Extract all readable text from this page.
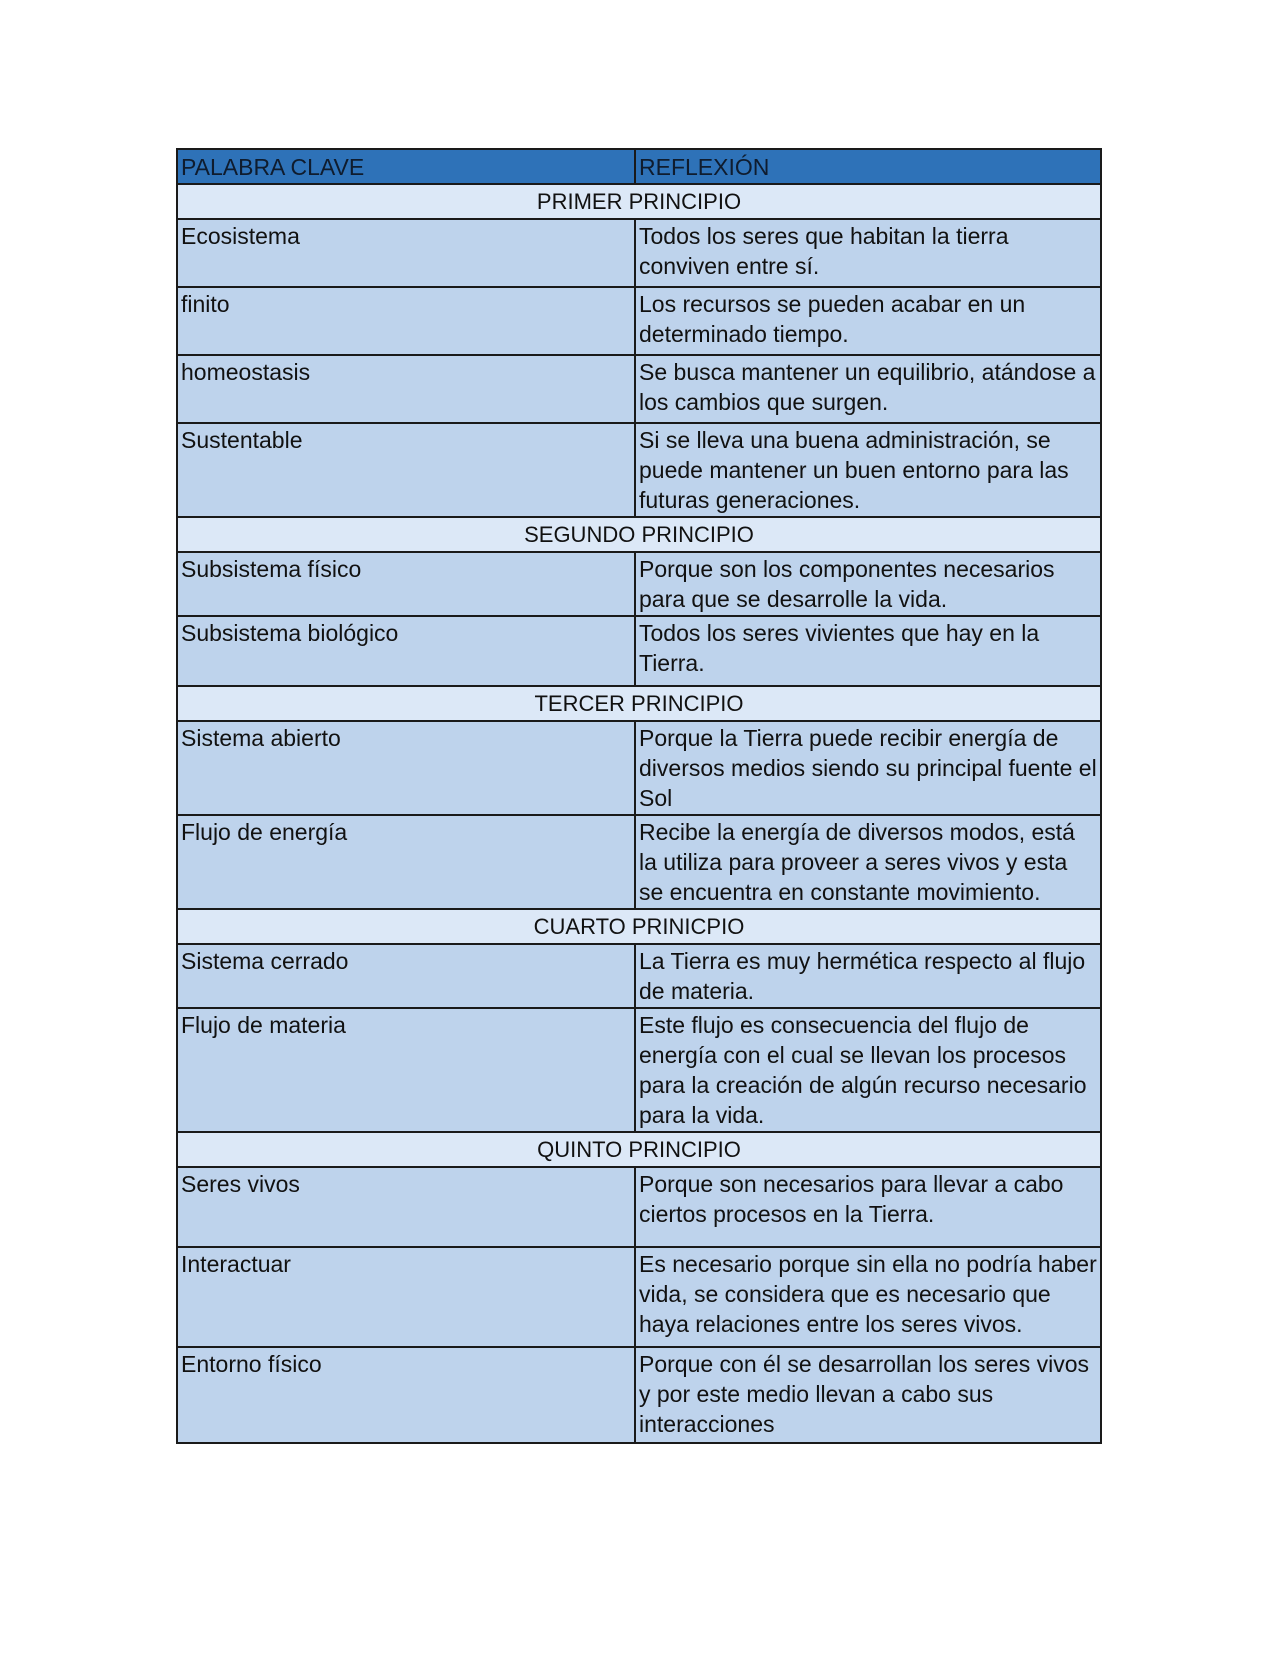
PALABRA CLAVE	REFLEXIÓN
PRIMER PRINCIPIO	
Ecosistema	Todos los seres que habitan la tierra conviven entre sí.
finito	Los recursos se pueden acabar en un determinado tiempo.
homeostasis	Se busca mantener un equilibrio, atándose a los cambios que surgen.
Sustentable	Si se lleva una buena administración, se puede mantener un buen entorno para las futuras generaciones.
SEGUNDO PRINCIPIO	
Subsistema físico	Porque son los componentes necesarios para que se desarrolle la vida.
Subsistema biológico	Todos los seres vivientes que hay en la Tierra.
TERCER PRINCIPIO	
Sistema abierto	Porque la Tierra puede recibir energía de diversos medios siendo su principal fuente el Sol
Flujo de energía	Recibe la energía de diversos modos, está la utiliza para proveer a seres vivos y esta se encuentra en constante movimiento.
CUARTO PRINICPIO	
Sistema cerrado	La Tierra es muy hermética respecto al flujo de materia.
Flujo de materia	Este flujo es consecuencia del flujo de energía con el cual se llevan los procesos para la creación de algún recurso necesario para la vida.
QUINTO PRINCIPIO	
Seres vivos	Porque son necesarios para llevar a cabo ciertos procesos en la Tierra.
Interactuar	Es necesario porque sin ella no podría haber vida, se considera que es necesario que haya relaciones entre los seres vivos.
Entorno físico	Porque con él se desarrollan los seres vivos y por este medio llevan a cabo sus interacciones
